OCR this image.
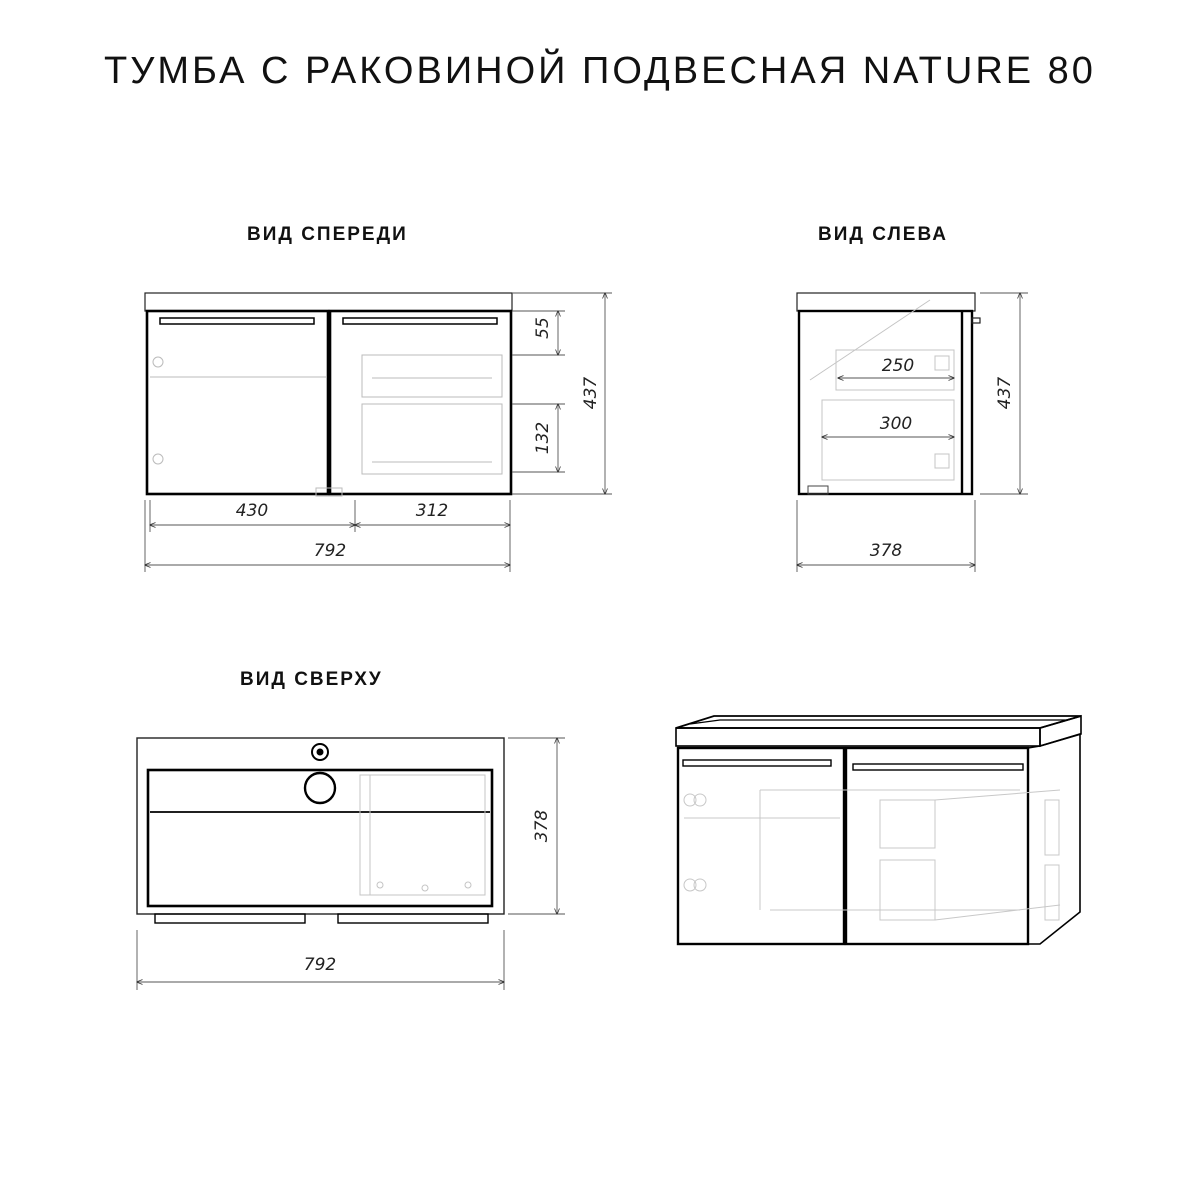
ТУМБА С РАКОВИНОЙ ПОДВЕСНАЯ NATURE 80
ВИД СПЕРЕДИ	ВИД СЛЕВА
ВИД СВЕРХУ
430	312
792
55
132
437
250
300
437
378
378
792
